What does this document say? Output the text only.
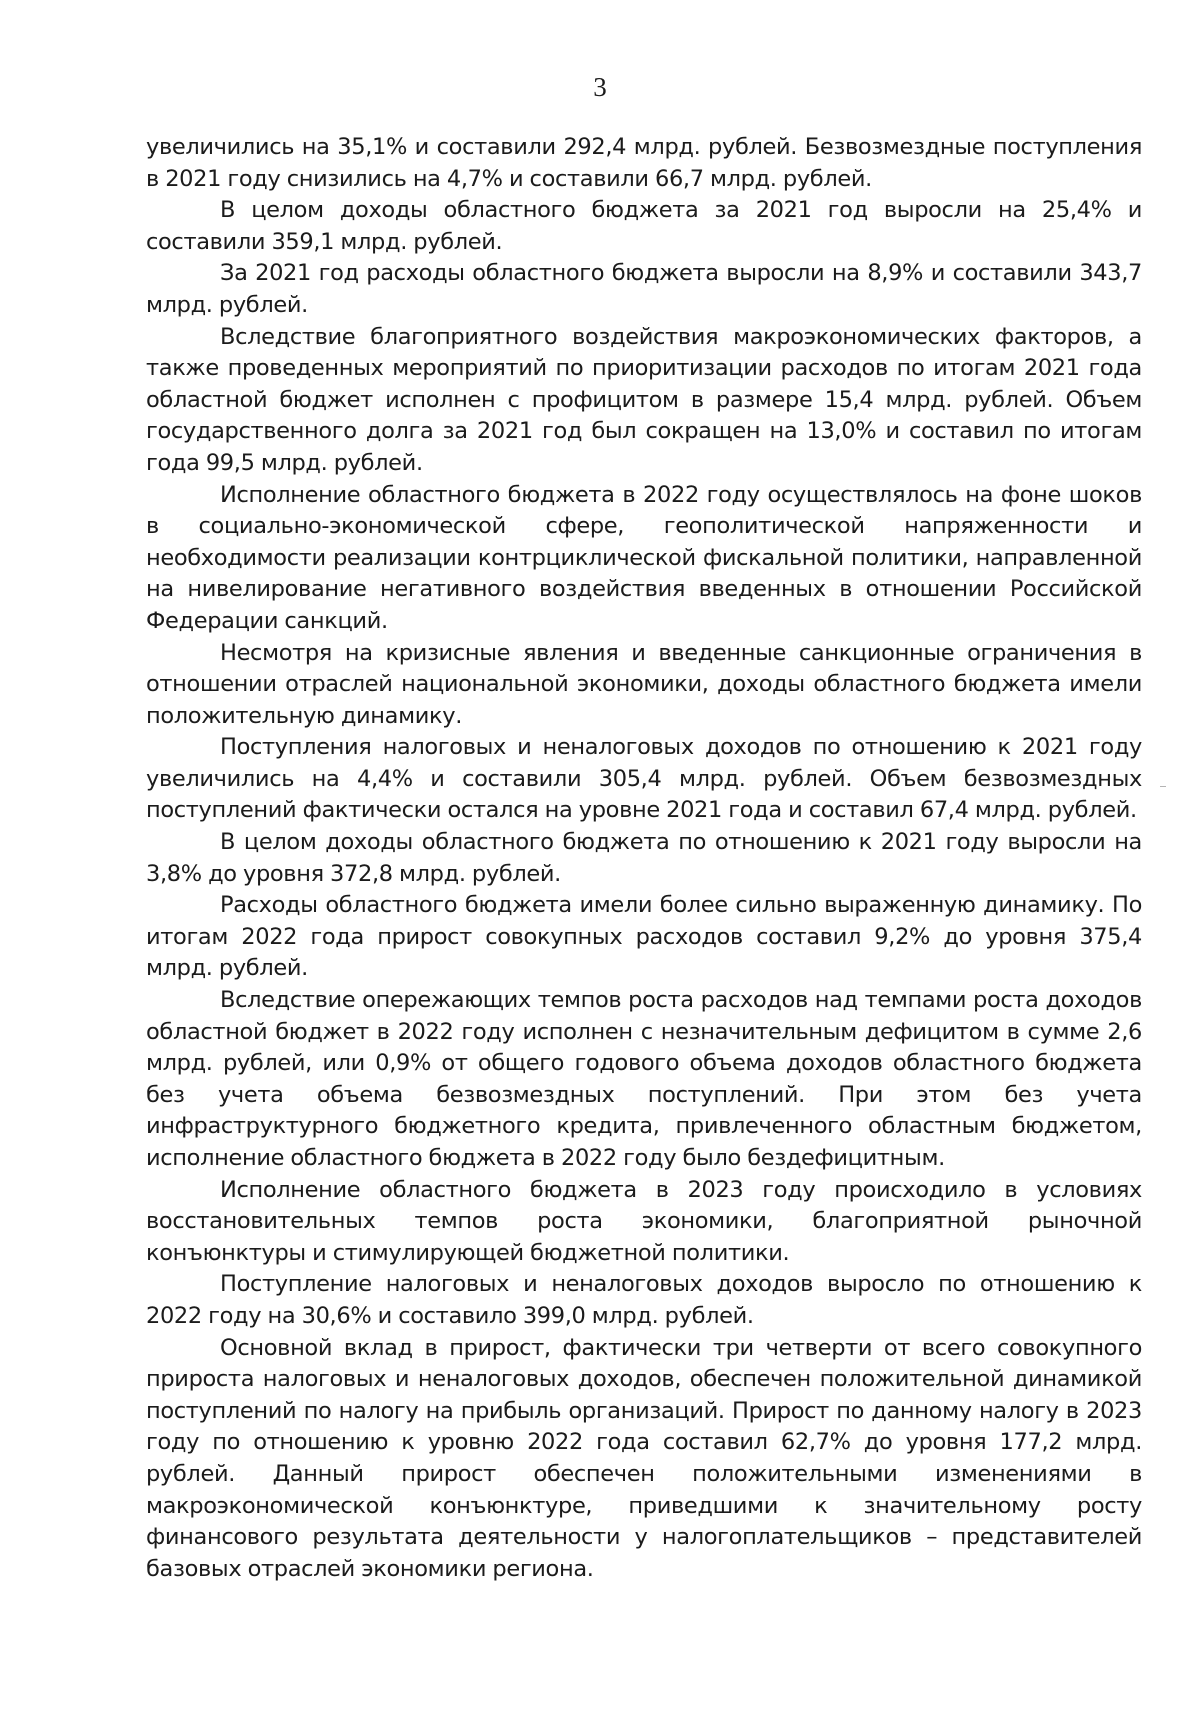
3

увеличились на 35,1% и составили 292,4 млрд. рублей. Безвозмездные поступления в 2021 году снизились на 4,7% и составили 66,7 млрд. рублей.

В целом доходы областного бюджета за 2021 год выросли на 25,4% и составили 359,1 млрд. рублей.

За 2021 год расходы областного бюджета выросли на 8,9% и составили 343,7 млрд. рублей.

Вследствие благоприятного воздействия макроэкономических факторов, а также проведенных мероприятий по приоритизации расходов по итогам 2021 года областной бюджет исполнен с профицитом в размере 15,4 млрд. рублей. Объем государственного долга за 2021 год был сокращен на 13,0% и составил по итогам года 99,5 млрд. рублей.

Исполнение областного бюджета в 2022 году осуществлялось на фоне шоков в социально-экономической сфере, геополитической напряженности и необходимости реализации контрциклической фискальной политики, направленной на нивелирование негативного воздействия введенных в отношении Российской Федерации санкций.

Несмотря на кризисные явления и введенные санкционные ограничения в отношении отраслей национальной экономики, доходы областного бюджета имели положительную динамику.

Поступления налоговых и неналоговых доходов по отношению к 2021 году увеличились на 4,4% и составили 305,4 млрд. рублей. Объем безвозмездных поступлений фактически остался на уровне 2021 года и составил 67,4 млрд. рублей.

В целом доходы областного бюджета по отношению к 2021 году выросли на 3,8% до уровня 372,8 млрд. рублей.

Расходы областного бюджета имели более сильно выраженную динамику. По итогам 2022 года прирост совокупных расходов составил 9,2% до уровня 375,4 млрд. рублей.

Вследствие опережающих темпов роста расходов над темпами роста доходов областной бюджет в 2022 году исполнен с незначительным дефицитом в сумме 2,6 млрд. рублей, или 0,9% от общего годового объема доходов областного бюджета без учета объема безвозмездных поступлений. При этом без учета инфраструктурного бюджетного кредита, привлеченного областным бюджетом, исполнение областного бюджета в 2022 году было бездефицитным.

Исполнение областного бюджета в 2023 году происходило в условиях восстановительных темпов роста экономики, благоприятной рыночной конъюнктуры и стимулирующей бюджетной политики.

Поступление налоговых и неналоговых доходов выросло по отношению к 2022 году на 30,6% и составило 399,0 млрд. рублей.

Основной вклад в прирост, фактически три четверти от всего совокупного прироста налоговых и неналоговых доходов, обеспечен положительной динамикой поступлений по налогу на прибыль организаций. Прирост по данному налогу в 2023 году по отношению к уровню 2022 года составил 62,7% до уровня 177,2 млрд. рублей. Данный прирост обеспечен положительными изменениями в макроэкономической конъюнктуре, приведшими к значительному росту финансового результата деятельности у налогоплательщиков – представителей базовых отраслей экономики региона.
